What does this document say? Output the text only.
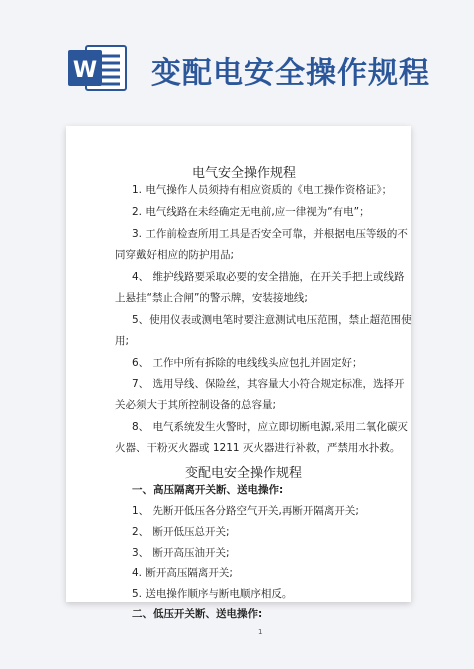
W 变配电安全操作规程
电气安全操作规程
1. 电气操作人员须持有相应资质的《电工操作资格证》；
2. 电气线路在未经确定无电前,应一律视为“有电”；
3. 工作前检查所用工具是否安全可靠，并根据电压等级的不
同穿戴好相应的防护用品;
4、 维护线路要采取必要的安全措施，在开关手把上或线路
上悬挂“禁止合闸”的警示牌，安装接地线;
5、使用仪表或测电笔时要注意测试电压范围，禁止超范围使
用;
6、 工作中所有拆除的电线线头应包扎并固定好；
7、 选用导线、保险丝，其容量大小符合规定标准，选择开
关必须大于其所控制设备的总容量;
8、 电气系统发生火警时，应立即切断电源,采用二氧化碳灭
火器、干粉灭火器或 1211 灭火器进行补救，严禁用水扑救。
变配电安全操作规程
一、高压隔离开关断、送电操作:
1、 先断开低压各分路空气开关,再断开隔离开关;
2、 断开低压总开关;
3、 断开高压油开关;
4. 断开高压隔离开关;
5. 送电操作顺序与断电顺序相反。
二、低压开关断、送电操作:
1
